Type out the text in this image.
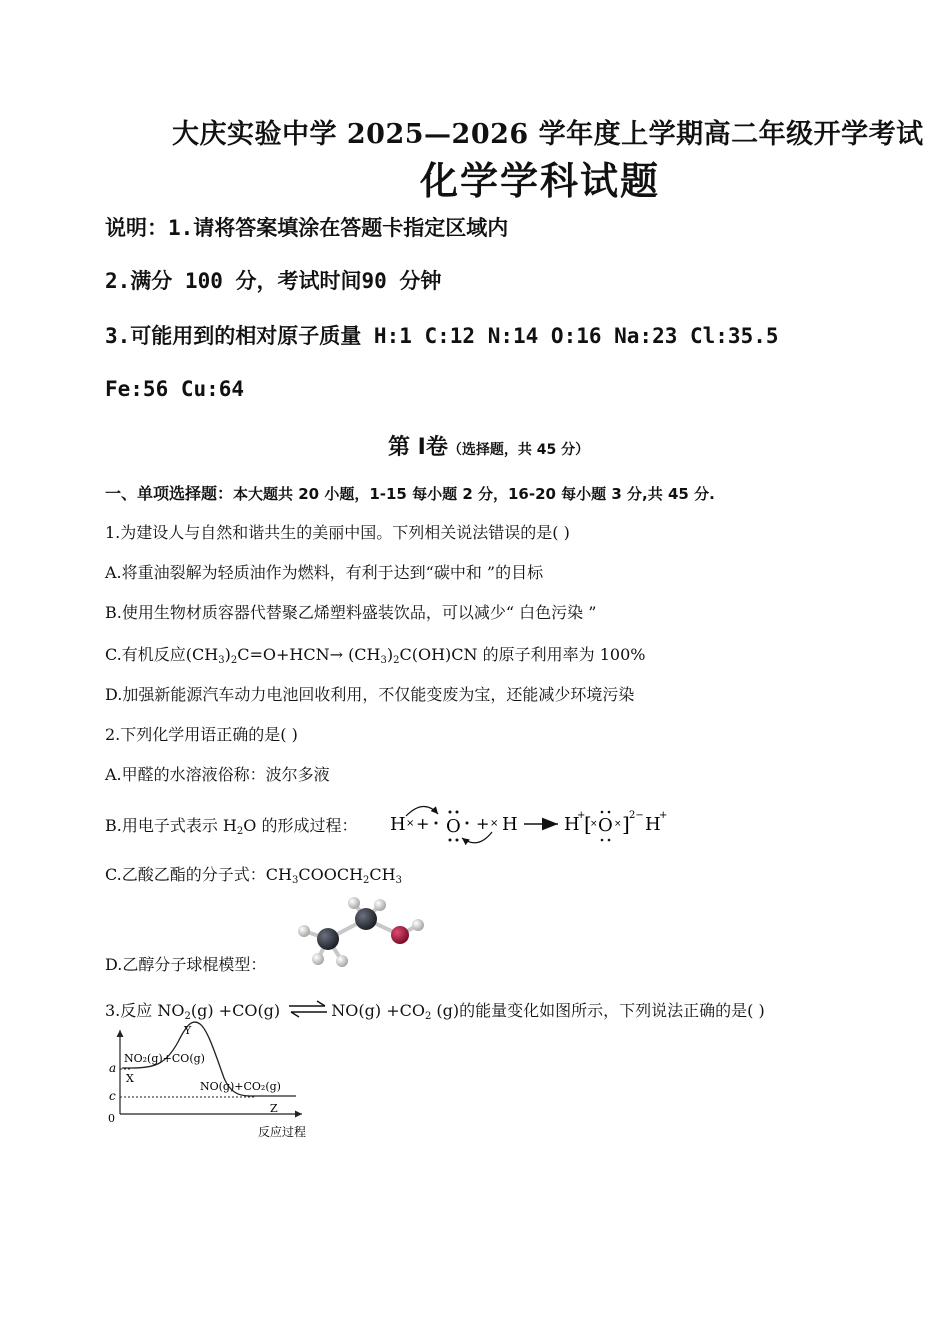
大庆实验中学 2025—2026 学年度上学期高二年级开学考试
化学学科试题
说明：1.请将答案填涂在答题卡指定区域内
2.满分 100 分，考试时间90 分钟
3.可能用到的相对原子质量 H:1 C:12 N:14 O:16 Na:23 Cl:35.5
Fe:56 Cu:64
第 Ⅰ卷（选择题，共 45 分）
一、单项选择题：本大题共 20 小题，1-15 每小题 2 分，16-20 每小题 3 分,共 45 分.
1.为建设人与自然和谐共生的美丽中国。下列相关说法错误的是( )
A.将重油裂解为轻质油作为燃料，有利于达到“碳中和 ”的目标
B.使用生物材质容器代替聚乙烯塑料盛装饮品，可以减少“ 白色污染 ”
C.有机反应$(CH_3)_2C=O+HCN\to (CH_3)_2C(OH)CN$ 的原子利用率为 100%
D.加强新能源汽车动力电池回收利用，不仅能变废为宝，还能减少环境污染
2.下列化学用语正确的是( )
A.甲醛的水溶液俗称：波尔多液
B.用电子式表示 $H_2O$ 的形成过程： H × + O + × H	H
+
[
× O × ] 2− H
+
C.乙酸乙酯的分子式：$CH_3COOCH_2CH_3$
D.乙醇分子球棍模型：
3.反应 $NO_2(g) +CO(g)$ ⇌ $NO(g) +CO_2$ (g)的能量变化如图所示，下列说法正确的是( )
a
c
0
Y
NO₂(g)+CO(g)
X
NO(g)+CO₂(g)
Z
反应过程
